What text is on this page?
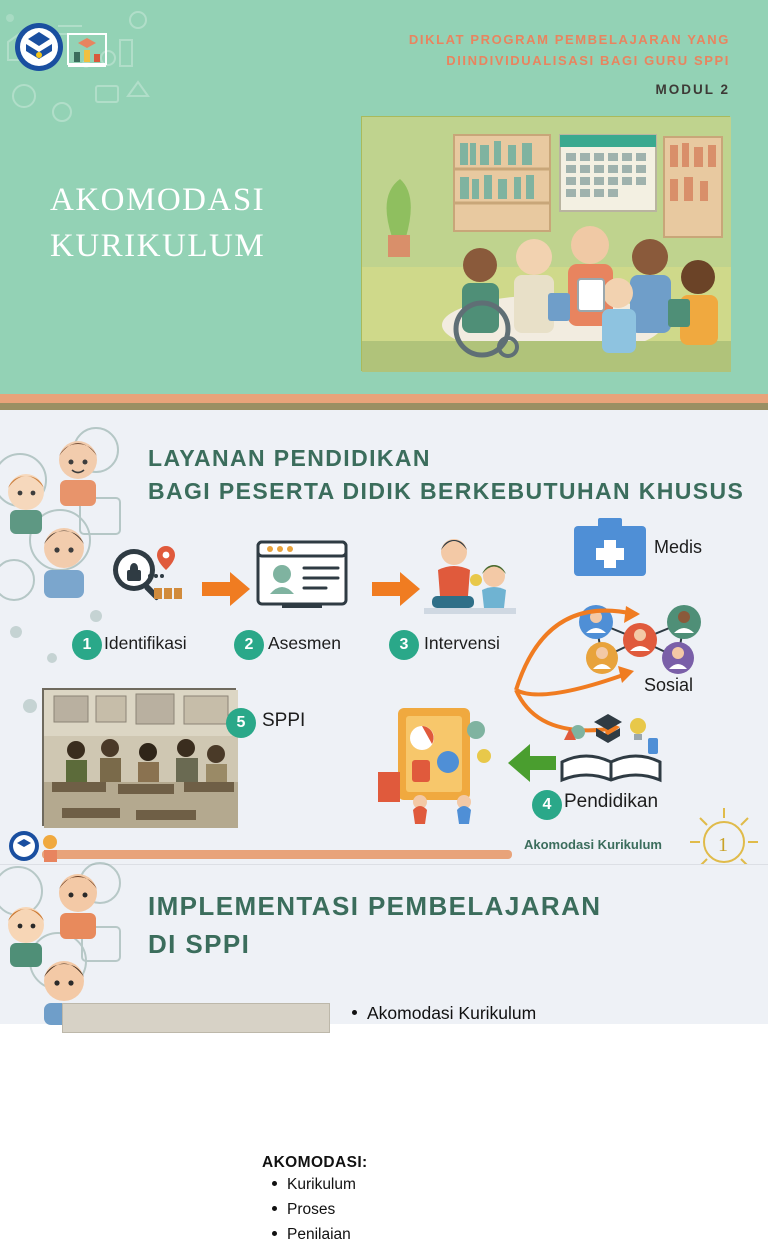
DIKLAT PROGRAM PEMBELAJARAN YANG
DIINDIVIDUALISASI BAGI GURU SPPI
MODUL 2
AKOMODASI
KURIKULUM
LAYANAN PENDIDIKAN
BAGI PESERTA DIDIK BERKEBUTUHAN KHUSUS
1 Identifikasi	2 Asesmen	3 Intervensi
Medis
Sosial
5 SPPI
AKOMODASI:
Kurikulum
Proses
Penilaian
4 Pendidikan
Akomodasi Kurikulum	1
IMPLEMENTASI PEMBELAJARAN
DI SPPI
Akomodasi Kurikulum
